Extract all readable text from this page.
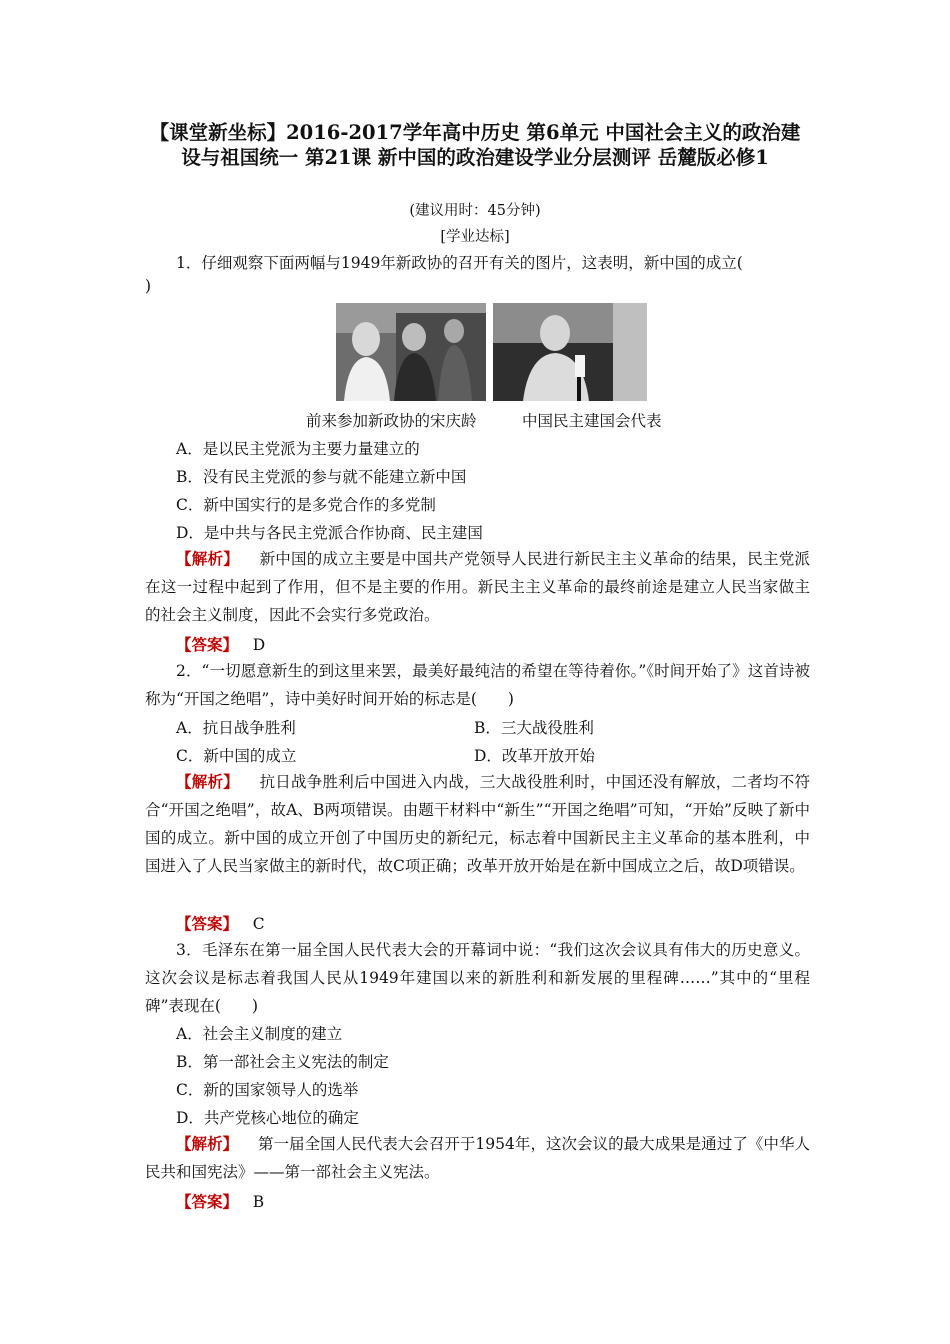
【课堂新坐标】2016-2017学年高中历史 第6单元 中国社会主义的政治建设与祖国统一 第21课 新中国的政治建设学业分层测评 岳麓版必修1
(建议用时：45分钟)
[学业达标]
1．仔细观察下面两幅与1949年新政协的召开有关的图片，这表明，新中国的成立(
)
前来参加新政协的宋庆龄	中国民主建国会代表
A．是以民主党派为主要力量建立的
B．没有民主党派的参与就不能建立新中国
C．新中国实行的是多党合作的多党制
D．是中共与各民主党派合作协商、民主建国
【解析】 新中国的成立主要是中国共产党领导人民进行新民主主义革命的结果，民主党派在这一过程中起到了作用，但不是主要的作用。新民主主义革命的最终前途是建立人民当家做主的社会主义制度，因此不会实行多党政治。
【答案】 D
2．“一切愿意新生的到这里来罢，最美好最纯洁的希望在等待着你。”《时间开始了》这首诗被称为“开国之绝唱”，诗中美好时间开始的标志是(　　)
A．抗日战争胜利	B．三大战役胜利
C．新中国的成立	D．改革开放开始
【解析】 抗日战争胜利后中国进入内战，三大战役胜利时，中国还没有解放，二者均不符合“开国之绝唱”，故A、B两项错误。由题干材料中“新生”“开国之绝唱”可知，“开始”反映了新中国的成立。新中国的成立开创了中国历史的新纪元，标志着中国新民主主义革命的基本胜利，中国进入了人民当家做主的新时代，故C项正确；改革开放开始是在新中国成立之后，故D项错误。
【答案】 C
3．毛泽东在第一届全国人民代表大会的开幕词中说：“我们这次会议具有伟大的历史意义。这次会议是标志着我国人民从1949年建国以来的新胜利和新发展的里程碑……”其中的“里程碑”表现在(　　)
A．社会主义制度的建立
B．第一部社会主义宪法的制定
C．新的国家领导人的选举
D．共产党核心地位的确定
【解析】 第一届全国人民代表大会召开于1954年，这次会议的最大成果是通过了《中华人民共和国宪法》——第一部社会主义宪法。
【答案】 B
